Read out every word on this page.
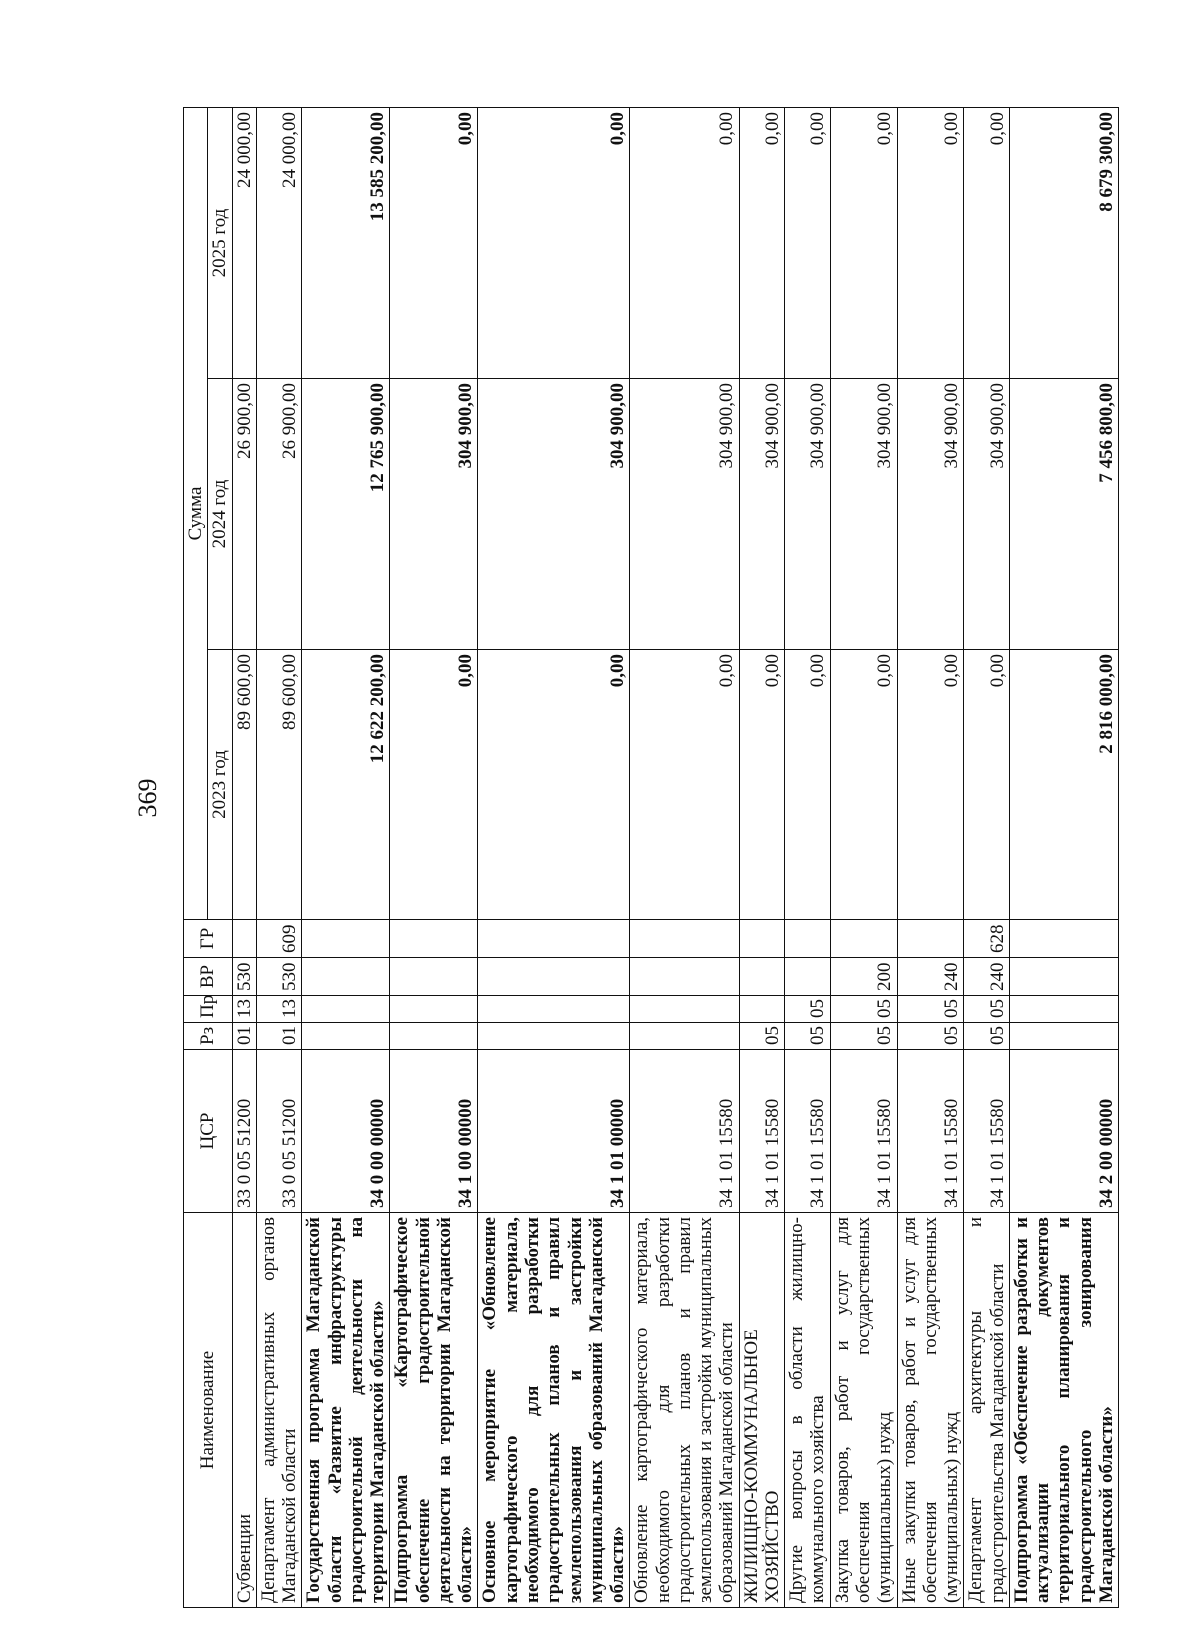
369
Наименование	ЦСР	Рз	Пр	ВР	ГР	Сумма		
						2023 год	2024 год	2025 год
Субвенции	33 0 05 51200	01	13	530		89 600,00	26 900,00	24 000,00
Департамент административных органов Магаданской области	33 0 05 51200	01	13	530	609	89 600,00	26 900,00	24 000,00
Государственная программа Магаданской области «Развитие инфраструктуры градостроительной деятельности на территории Магаданской области»	34 0 00 00000					12 622 200,00	12 765 900,00	13 585 200,00
Подпрограмма «Картографическое обеспечение градостроительной деятельности на территории Магаданской области»	34 1 00 00000					0,00	304 900,00	0,00
Основное мероприятие «Обновление картографического материала, необходимого для разработки градостроительных планов и правил землепользования и застройки муниципальных образований Магаданской области»	34 1 01 00000					0,00	304 900,00	0,00
Обновление картографического материала, необходимого для разработки градостроительных планов и правил землепользования и застройки муниципальных образований Магаданской области	34 1 01 15580					0,00	304 900,00	0,00
ЖИЛИЩНО-КОММУНАЛЬНОЕ ХОЗЯЙСТВО	34 1 01 15580	05				0,00	304 900,00	0,00
Другие вопросы в области жилищно-коммунального хозяйства	34 1 01 15580	05	05			0,00	304 900,00	0,00
Закупка товаров, работ и услуг для обеспечения государственных (муниципальных) нужд	34 1 01 15580	05	05	200		0,00	304 900,00	0,00
Иные закупки товаров, работ и услуг для обеспечения государственных (муниципальных) нужд	34 1 01 15580	05	05	240		0,00	304 900,00	0,00
Департамент архитектуры и градостроительства Магаданской области	34 1 01 15580	05	05	240	628	0,00	304 900,00	0,00
Подпрограмма «Обеспечение разработки и актуализации документов территориального планирования и градостроительного зонирования Магаданской области»	34 2 00 00000					2 816 000,00	7 456 800,00	8 679 300,00
